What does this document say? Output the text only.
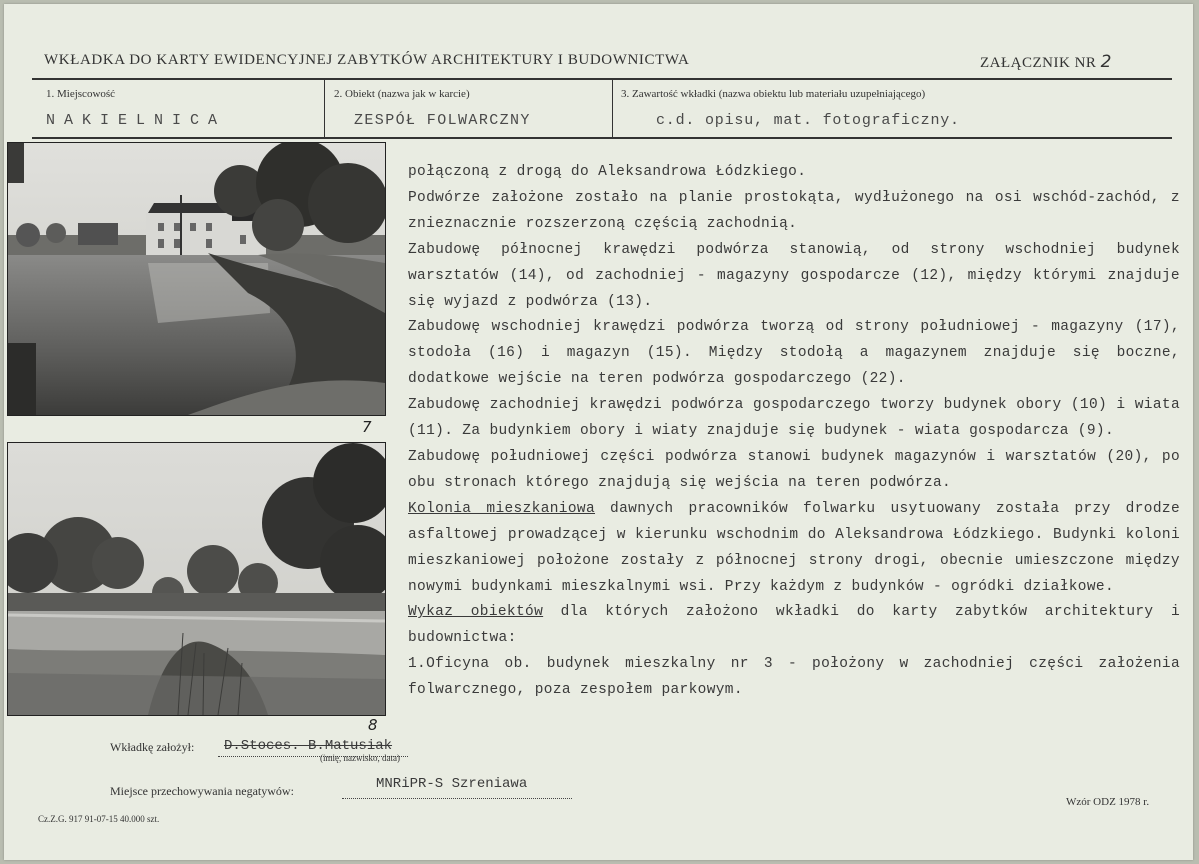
WKŁADKA DO KARTY EWIDENCYJNEJ ZABYTKÓW ARCHITEKTURY I BUDOWNICTWA	ZAŁĄCZNIK NR 2
1. Miejscowość
NAKIELNICA
2. Obiekt (nazwa jak w karcie)
ZESPÓŁ FOLWARCZNY
3. Zawartość wkładki (nazwa obiektu lub materiału uzupełniającego)
c.d. opisu, mat. fotograficzny.
7
8

połączoną z drogą do Aleksandrowa Łódzkiego.

Podwórze założone zostało na planie prostokąta, wydłużonego na osi wschód-zachód, z znieznacznie rozszerzoną częścią zachodnią.

Zabudowę północnej krawędzi podwórza stanowią, od strony wschodniej budynek warsztatów (14), od zachodniej - magazyny gospodarcze (12), między którymi znajduje się wyjazd z podwórza (13).

Zabudowę wschodniej krawędzi podwórza tworzą od strony południowej - magazyny (17), stodoła (16) i magazyn (15). Między stodołą a magazynem znajduje się boczne, dodatkowe wejście na teren podwórza gospodarczego (22).

Zabudowę zachodniej krawędzi podwórza gospodarczego tworzy budynek obory (10) i wiata (11). Za budynkiem obory i wiaty znajduje się budynek - wiata gospodarcza (9).

Zabudowę południowej części podwórza stanowi budynek magazynów i warsztatów (20), po obu stronach którego znajdują się wejścia na teren podwórza.

Kolonia mieszkaniowa dawnych pracowników folwarku usytuowany została przy drodze asfaltowej prowadzącej w kierunku wschodnim do Aleksandrowa Łódzkiego. Budynki koloni mieszkaniowej położone zostały z północnej strony drogi, obecnie umieszczone między nowymi budynkami mieszkalnymi wsi. Przy każdym z budynków - ogródki działkowe.

Wykaz obiektów dla których założono wkładki do karty zabytków architektury i budownictwa:

1.Oficyna ob. budynek mieszkalny nr 3 - położony w zachodniej części założenia folwarcznego, poza zespołem parkowym.

Wkładkę założył: D.Stoces. B.Matusiak
(imię, nazwisko, data)
Miejsce przechowywania negatywów:	MNRiPR-S Szreniawa
Cz.Z.G. 917 91-07-15 40.000 szt.
Wzór ODZ 1978 r.
